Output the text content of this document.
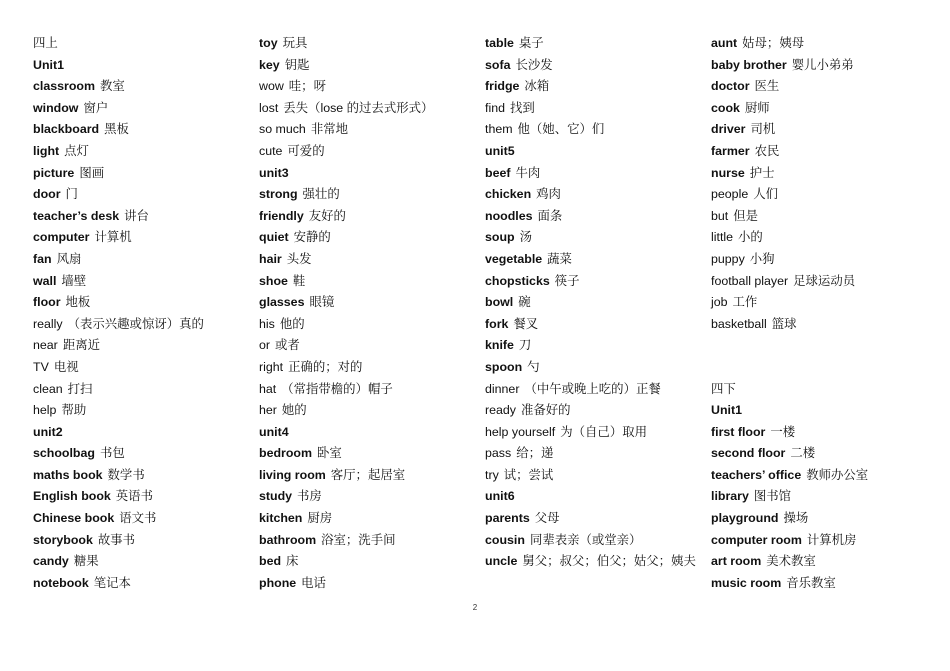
四上
Unit1
classroom 教室
window 窗户
blackboard 黑板
light 点灯
picture 图画
door 门
teacher’s desk 讲台
computer 计算机
fan 风扇
wall 墙壁
floor 地板
really （表示兴趣或惊讶）真的
near 距离近
TV 电视
clean 打扫
help 帮助
unit2
schoolbag 书包
maths book 数学书
English book 英语书
Chinese book 语文书
storybook 故事书
candy 糖果
notebook 笔记本
toy 玩具
key 钥匙
wow 哇；呀
lost 丢失（lose 的过去式形式）
so much 非常地
cute 可爱的
unit3
strong 强壮的
friendly 友好的
quiet 安静的
hair 头发
shoe 鞋
glasses 眼镜
his 他的
or 或者
right 正确的；对的
hat （常指带檐的）帽子
her 她的
unit4
bedroom 卧室
living room 客厅；起居室
study 书房
kitchen 厨房
bathroom 浴室；洗手间
bed 床
phone 电话
table 桌子
sofa 长沙发
fridge 冰箱
find 找到
them 他（她、它）们
unit5
beef 牛肉
chicken 鸡肉
noodles 面条
soup 汤
vegetable 蔬菜
chopsticks 筷子
bowl 碗
fork 餐叉
knife 刀
spoon 勺
dinner （中午或晚上吃的）正餐
ready 准备好的
help yourself 为（自己）取用
pass 给；递
try 试；尝试
unit6
parents 父母
cousin 同辈表亲（或堂亲）
uncle 舅父；叔父；伯父；姑父；姨夫
aunt 姑母；姨母
baby brother 婴儿小弟弟
doctor 医生
cook 厨师
driver 司机
farmer 农民
nurse 护士
people 人们
but 但是
little 小的
puppy 小狗
football player 足球运动员
job 工作
basketball 篮球
四下
Unit1
first floor 一楼
second floor 二楼
teachers’ office 教师办公室
library 图书馆
playground 操场
computer room 计算机房
art room 美术教室
music room 音乐教室
2
